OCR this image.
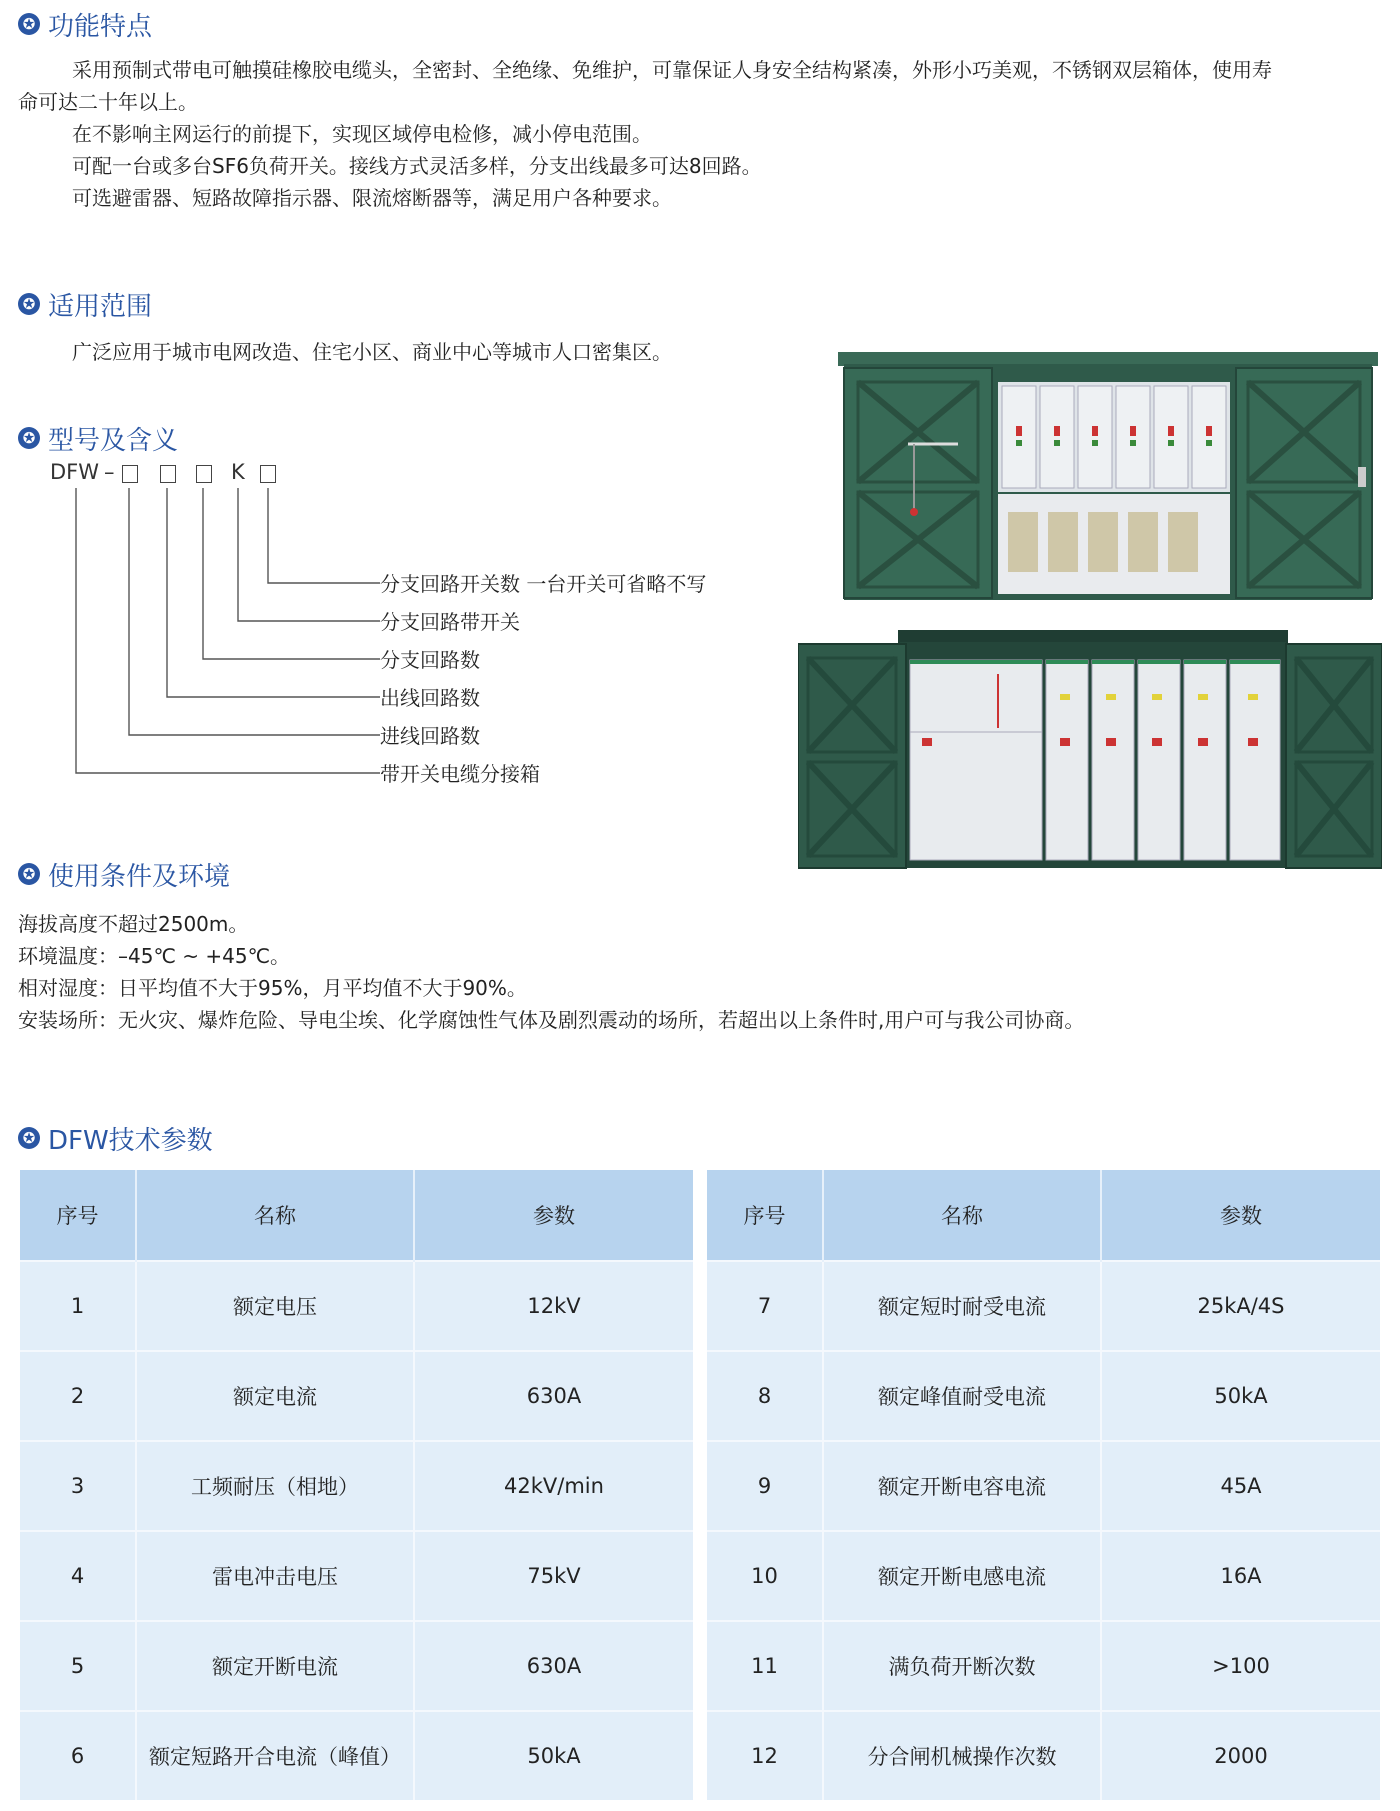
✪ 功能特点
采用预制式带电可触摸硅橡胶电缆头，全密封、全绝缘、免维护，可靠保证人身安全结构紧凑，外形小巧美观，不锈钢双层箱体，使用寿
命可达二十年以上。
在不影响主网运行的前提下，实现区域停电检修，减小停电范围。
可配一台或多台SF6负荷开关。接线方式灵活多样，分支出线最多可达8回路。
可选避雷器、短路故障指示器、限流熔断器等，满足用户各种要求。
✪ 适用范围
广泛应用于城市电网改造、住宅小区、商业中心等城市人口密集区。
✪ 型号及含义
DFW –	K
分支回路开关数 一台开关可省略不写
分支回路带开关
分支回路数
出线回路数
进线回路数
带开关电缆分接箱
✪ 使用条件及环境
海拔高度不超过2500m。
环境温度：–45℃ ~ +45℃。
相对湿度：日平均值不大于95%，月平均值不大于90%。
安装场所：无火灾、爆炸危险、导电尘埃、化学腐蚀性气体及剧烈震动的场所，若超出以上条件时,用户可与我公司协商。
✪ DFW技术参数
序号	名称	参数
1	额定电压	12kV
2	额定电流	630A
3	工频耐压（相地）	42kV/min
4	雷电冲击电压	75kV
5	额定开断电流	630A
6	额定短路开合电流（峰值）	50kA
序号	名称	参数
7	额定短时耐受电流	25kA/4S
8	额定峰值耐受电流	50kA
9	额定开断电容电流	45A
10	额定开断电感电流	16A
11	满负荷开断次数	>100
12	分合闸机械操作次数	2000
